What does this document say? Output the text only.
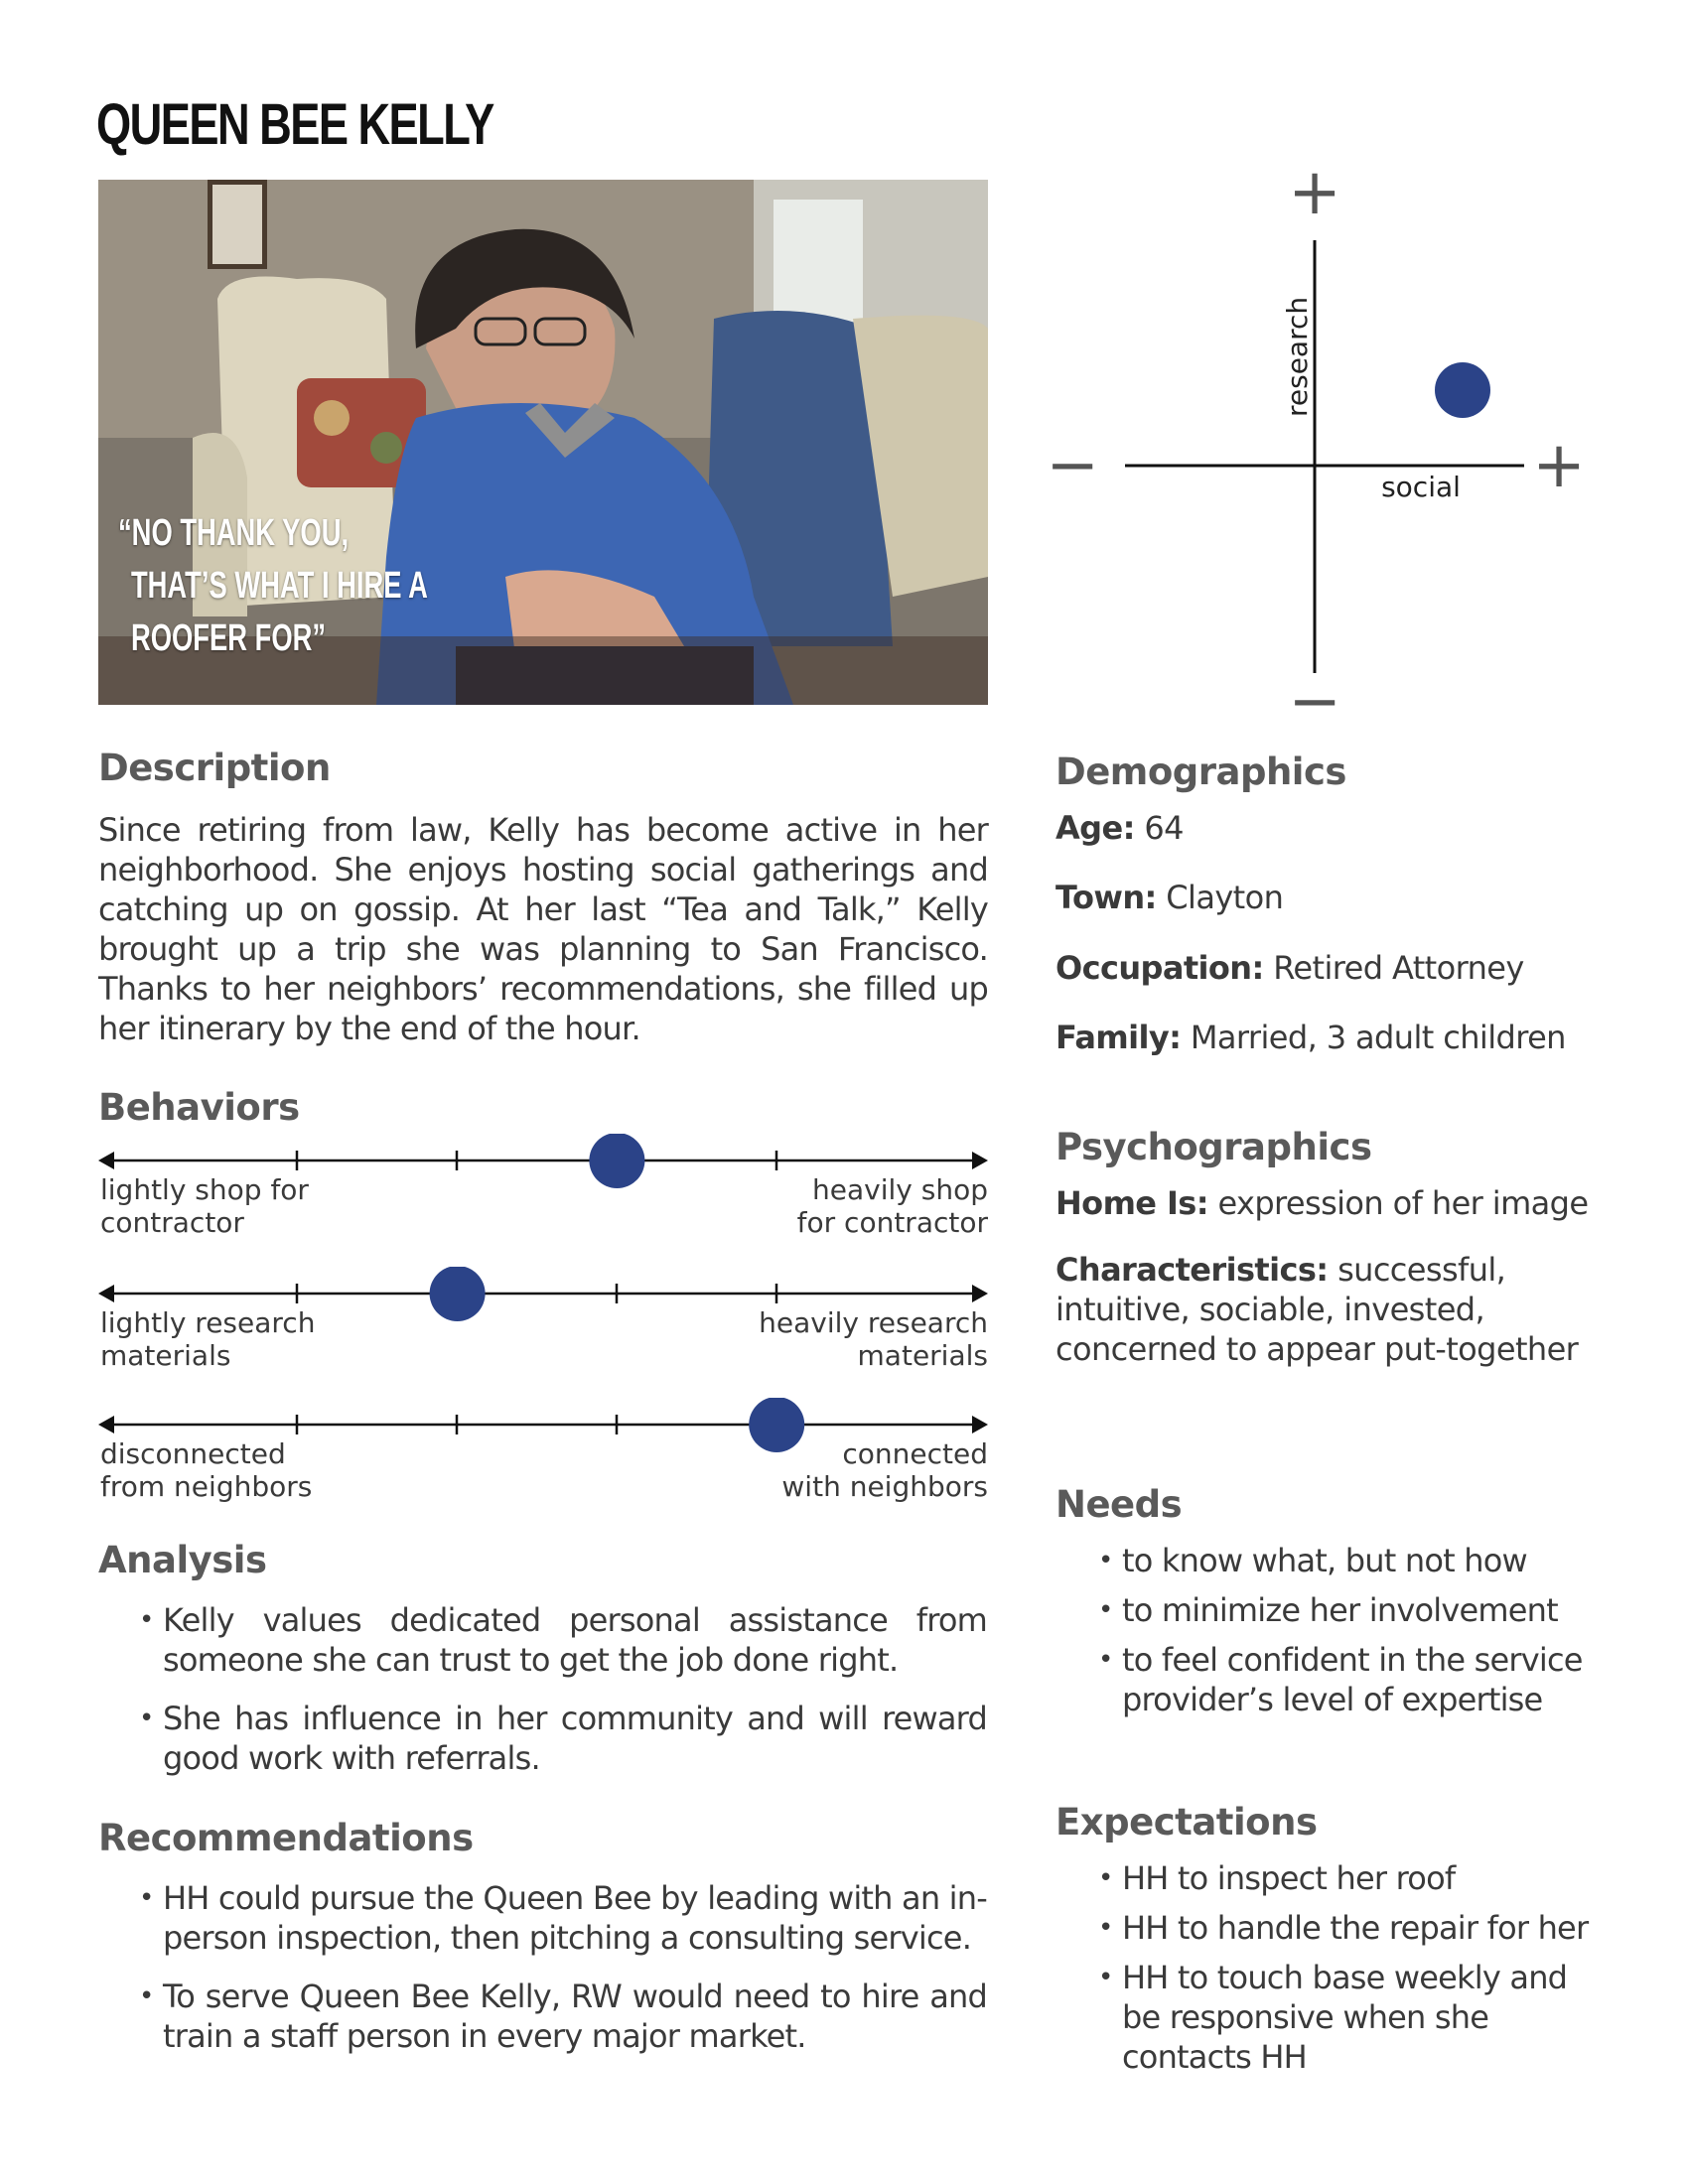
QUEEN BEE KELLY
“NO THANK YOU,
THAT’S WHAT I HIRE A
ROOFER FOR”
+
−
−	+
research
social
Description
Since retiring from law, Kelly has become active in her neighborhood. She enjoys hosting social gatherings and catching up on gossip. At her last “Tea and Talk,” Kelly brought up a trip she was planning to San Francisco. Thanks to her neighbors’ recommendations, she filled up her itinerary by the end of the hour.
Behaviors
lightly shop for
contractor
heavily shop
for contractor
lightly research
materials
heavily research
materials
disconnected
from neighbors
connected
with neighbors
Analysis
• Kelly values dedicated personal assistance from someone she can trust to get the job done right.
• She has influence in her community and will reward good work with referrals.
Recommendations
• HH could pursue the Queen Bee by leading with an in-person inspection, then pitching a consulting service.
• To serve Queen Bee Kelly, RW would need to hire and train a staff person in every major market.
Demographics
Age: 64
Town: Clayton
Occupation: Retired Attorney
Family: Married, 3 adult children
Psychographics
Home Is: expression of her image
Characteristics: successful, intuitive, sociable, invested, concerned to appear put-together
Needs
• to know what, but not how
• to minimize her involvement
• to feel confident in the service provider’s level of expertise
Expectations
• HH to inspect her roof
• HH to handle the repair for her
• HH to touch base weekly and be responsive when she contacts HH
